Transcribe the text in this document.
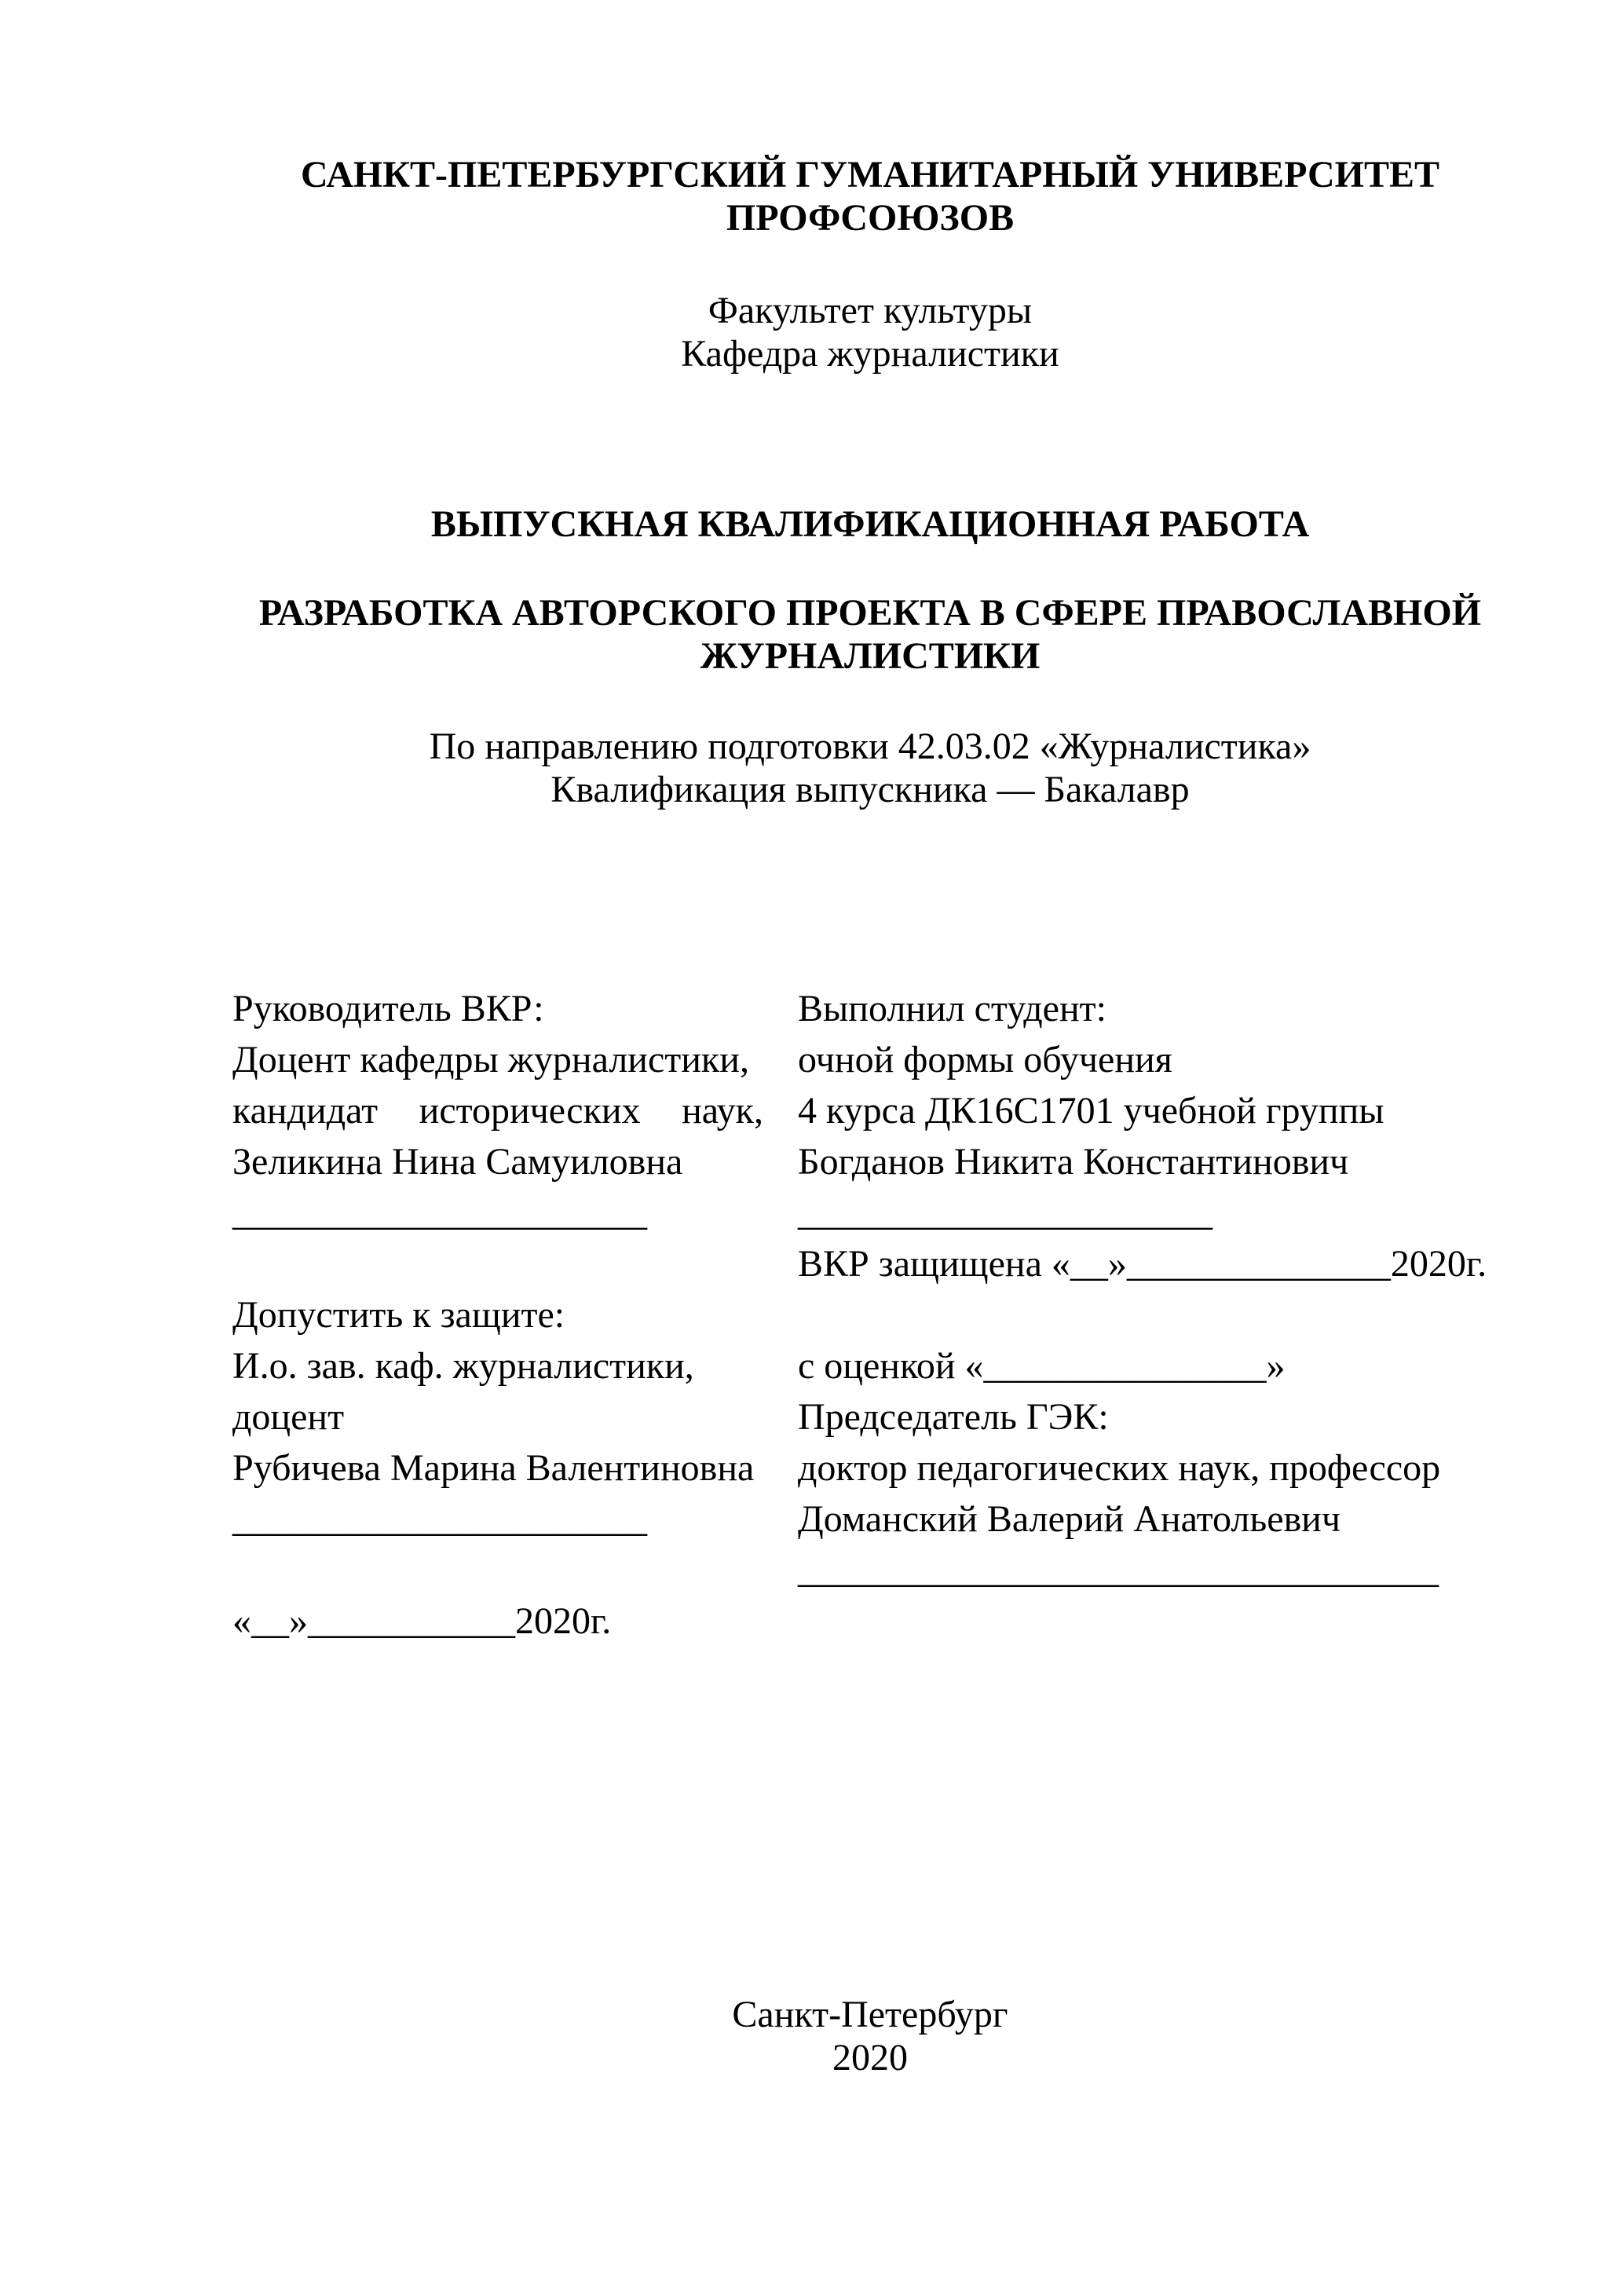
САНКТ-ПЕТЕРБУРГСКИЙ ГУМАНИТАРНЫЙ УНИВЕРСИТЕТ
ПРОФСОЮЗОВ
Факультет культуры
Кафедра журналистики
ВЫПУСКНАЯ КВАЛИФИКАЦИОННАЯ РАБОТА
РАЗРАБОТКА АВТОРСКОГО ПРОЕКТА В СФЕРЕ ПРАВОСЛАВНОЙ
ЖУРНАЛИСТИКИ
По направлению подготовки 42.03.02 «Журналистика»
Квалификация выпускника — Бакалавр
Руководитель ВКР:
Доцент кафедры журналистики,
кандидат исторических наук,
Зеликина Нина Самуиловна
______________________
Допустить к защите:
И.о. зав. каф. журналистики,
доцент
Рубичева Марина Валентиновна
______________________
«__»___________2020г.
Выполнил студент:
очной формы обучения
4 курса ДК16С1701 учебной группы
Богданов Никита Константинович
______________________
ВКР защищена «__»______________2020г.
с оценкой «_______________»
Председатель ГЭК:
доктор педагогических наук, профессор
Доманский Валерий Анатольевич
__________________________________
Санкт-Петербург
2020
